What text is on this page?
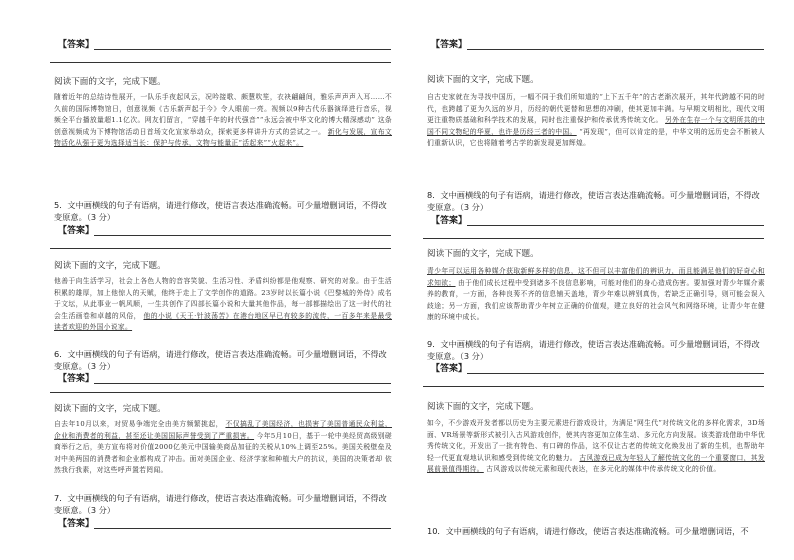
【答案】
阅读下面的文字，完成下题。
随着近年的总结诗性展开，一队乐手夜起风云，况吟接歌、颇慧吹笙，衣袂翩翩间，雅乐声声声入耳……不久前的国际博物馆日，创意视频《古乐新声起于今》令人眼前一亮。视频以9种古代乐器演绎进行音乐，视频全平台播放量超1.1亿次。网友们留言，“穿越千年的时代强音”“永远会被中华文化的博大精深感动” 这条创意视频成为下博物馆活动日首场文化宣家举动众，探索更多样讲升方式的尝试之一。 新化与发展，宣布文物活化从强于更为选择适当长：保护与传承，文物与能量正“活起来”“火起来”。
5．文中画横线的句子有语病，请进行修改，使语言表达准确流畅。可少量增删词语，不得改变原意。（3 分）
【答案】
阅读下面的文字，完成下题。
他善于向生活学习，社会上各色人物的音容笑貌、生活习性、矛盾纠纷都是他观察、研究的对象。由于生活积累的雄厚，加上他惊人的天赋，他终于走上了文学创作的道路。23岁时以长篇小说《巴黎城的外侍》成名于文坛，从此事业一帆风顺，一生共创作了四部长篇小说和大量其他作品，每一部都描绘出了这一时代的社会生活画卷和卓越的风俗， 他的小说《天王·针波荡苦》在港台地区早已有较多的流传，一百多年来是最受读者欢迎的外国小说家。
6．文中画横线的句子有语病，请进行修改，使语言表达准确流畅。可少量增删词语，不得改变原意。（3 分）
【答案】
阅读下面的文字，完成下题。
自去年10月以来，对贸易争端完全由美方频繁挑起， 不仅搞乱了美国经济，也损害了美国普通民众利益，企业和消费者的利益，甚至还让美国国际声誉受到了严重损害。 今年5月10日，基于一轮中美经贸高级别磋商举行之后，美方宣布将对价值2000亿美元中国输美商品加征的关税从10%上调至25%。美国关税壁垒及对中美两国的消费者和企业都构成了冲击。面对美国企业、经济学家和种植大户的抗议，美国的决策者却 依然我行我素，对这些呼声置若罔闻。
7．文中画横线的句子有语病，请进行修改，使语言表达准确流畅。可少量增删词语，不得改变原意。（3 分）
【答案】
【答案】
阅读下面的文字，完成下题。
自古史家就在为寻找中国历，一幅不同于我们所知道的“上下五千年”的古老渐次展开，其年代跨越不同的时代，也跨越了更为久远的岁月，历经的朝代更替和思想的冲刷，使其更加丰满。与早期文明相比，现代文明更注重物质基础和科学技术的发展，同时也注重保护和传承优秀传统文化。 另外在生存一个与文明所共的中国不同文物纪的华夏，也许是历经三者的中国。 “再发现”，但可以肯定的是，中华文明的远历史会不断被人们重新认识，它也将随着考古学的新发现更加辉煌。
8．文中画横线的句子有语病，请进行修改，使语言表达准确流畅。可少量增删词语，不得改变原意。（3 分）
【答案】
阅读下面的文字，完成下题。
青少年可以运用各种媒介获取新鲜多样的信息，这不但可以丰富他们的辨识力，而且能满足他们的好奇心和求知欲； 由于他们成长过程中受到诸多不良信息影响，可能对他们的身心造成伤害。要加强对青少年媒介素养的教育，一方面，各种良莠不齐的信息铺天盖地，青少年难以辨别真伪，若缺乏正确引导，则可能会误入歧途；另一方面，我们应该帮助青少年树立正确的价值观，建立良好的社会风气和网络环境，让青少年在健康的环境中成长。
9．文中画横线的句子有语病，请进行修改，使语言表达准确流畅。可少量增删词语，不得改变原意。（3 分）
【答案】
阅读下面的文字，完成下题。
如今，不少游戏开发者都以历史为主要元素进行游戏设计，为满足“网生代”对传统文化的多样化需求，3D场面、VR场景等新形式被引入古风游戏创作，使其内容更加立体生动、多元化方向发展。该类游戏借助中华优秀传统文化，开发出了一批有特色、有口碑的作品，这不仅让古老的传统文化焕发出了新的生机，也帮助年轻一代更直观地认识和感受到传统文化的魅力。 古风游戏已成为年轻人了解传统文化的一个重要窗口，其发展前景值得期待。 古风游戏以传统元素和现代表达，在多元化的媒体中传承传统文化的价值。
10．文中画横线的句子有语病，请进行修改，使语言表达准确流畅。可少量增删词语，不
